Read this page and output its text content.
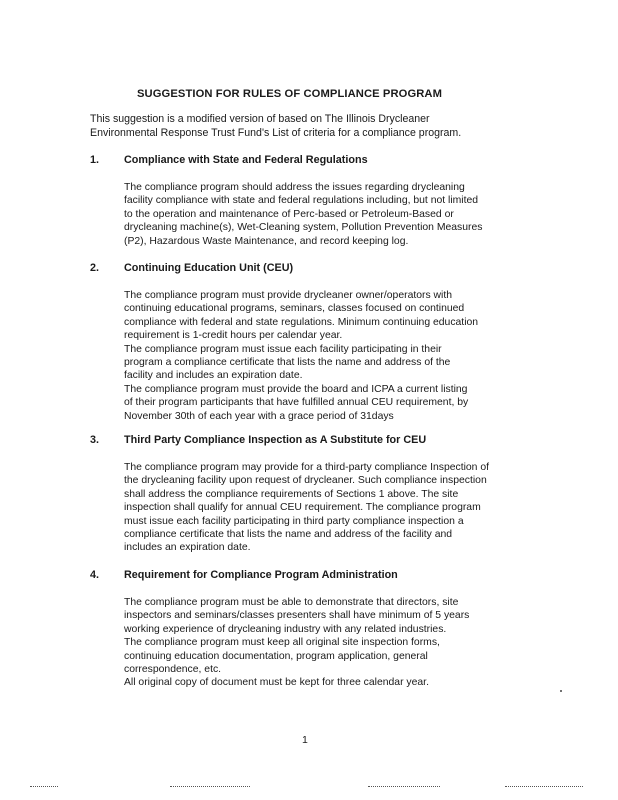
SUGGESTION FOR RULES OF COMPLIANCE PROGRAM
This suggestion is a modified version of based on The Illinois Drycleaner
Environmental Response Trust Fund's List of criteria for a compliance program.
1. Compliance with State and Federal Regulations
The compliance program should address the issues regarding drycleaning
facility compliance with state and federal regulations including, but not limited
to the operation and maintenance of Perc-based or Petroleum-Based or
drycleaning machine(s), Wet-Cleaning system, Pollution Prevention Measures
(P2), Hazardous Waste Maintenance, and record keeping log.
2. Continuing Education Unit (CEU)
The compliance program must provide drycleaner owner/operators with
continuing educational programs, seminars, classes focused on continued
compliance with federal and state regulations. Minimum continuing education
requirement is 1-credit hours per calendar year.
The compliance program must issue each facility participating in their
program a compliance certificate that lists the name and address of the
facility and includes an expiration date.
The compliance program must provide the board and ICPA a current listing
of their program participants that have fulfilled annual CEU requirement, by
November 30th of each year with a grace period of 31days
3. Third Party Compliance Inspection as A Substitute for CEU
The compliance program may provide for a third-party compliance Inspection of
the drycleaning facility upon request of drycleaner. Such compliance inspection
shall address the compliance requirements of Sections 1 above. The site
inspection shall qualify for annual CEU requirement. The compliance program
must issue each facility participating in third party compliance inspection a
compliance certificate that lists the name and address of the facility and
includes an expiration date.
4. Requirement for Compliance Program Administration
The compliance program must be able to demonstrate that directors, site
inspectors and seminars/classes presenters shall have minimum of 5 years
working experience of drycleaning industry with any related industries.
The compliance program must keep all original site inspection forms,
continuing education documentation, program application, general
correspondence, etc.
All original copy of document must be kept for three calendar year.
1
